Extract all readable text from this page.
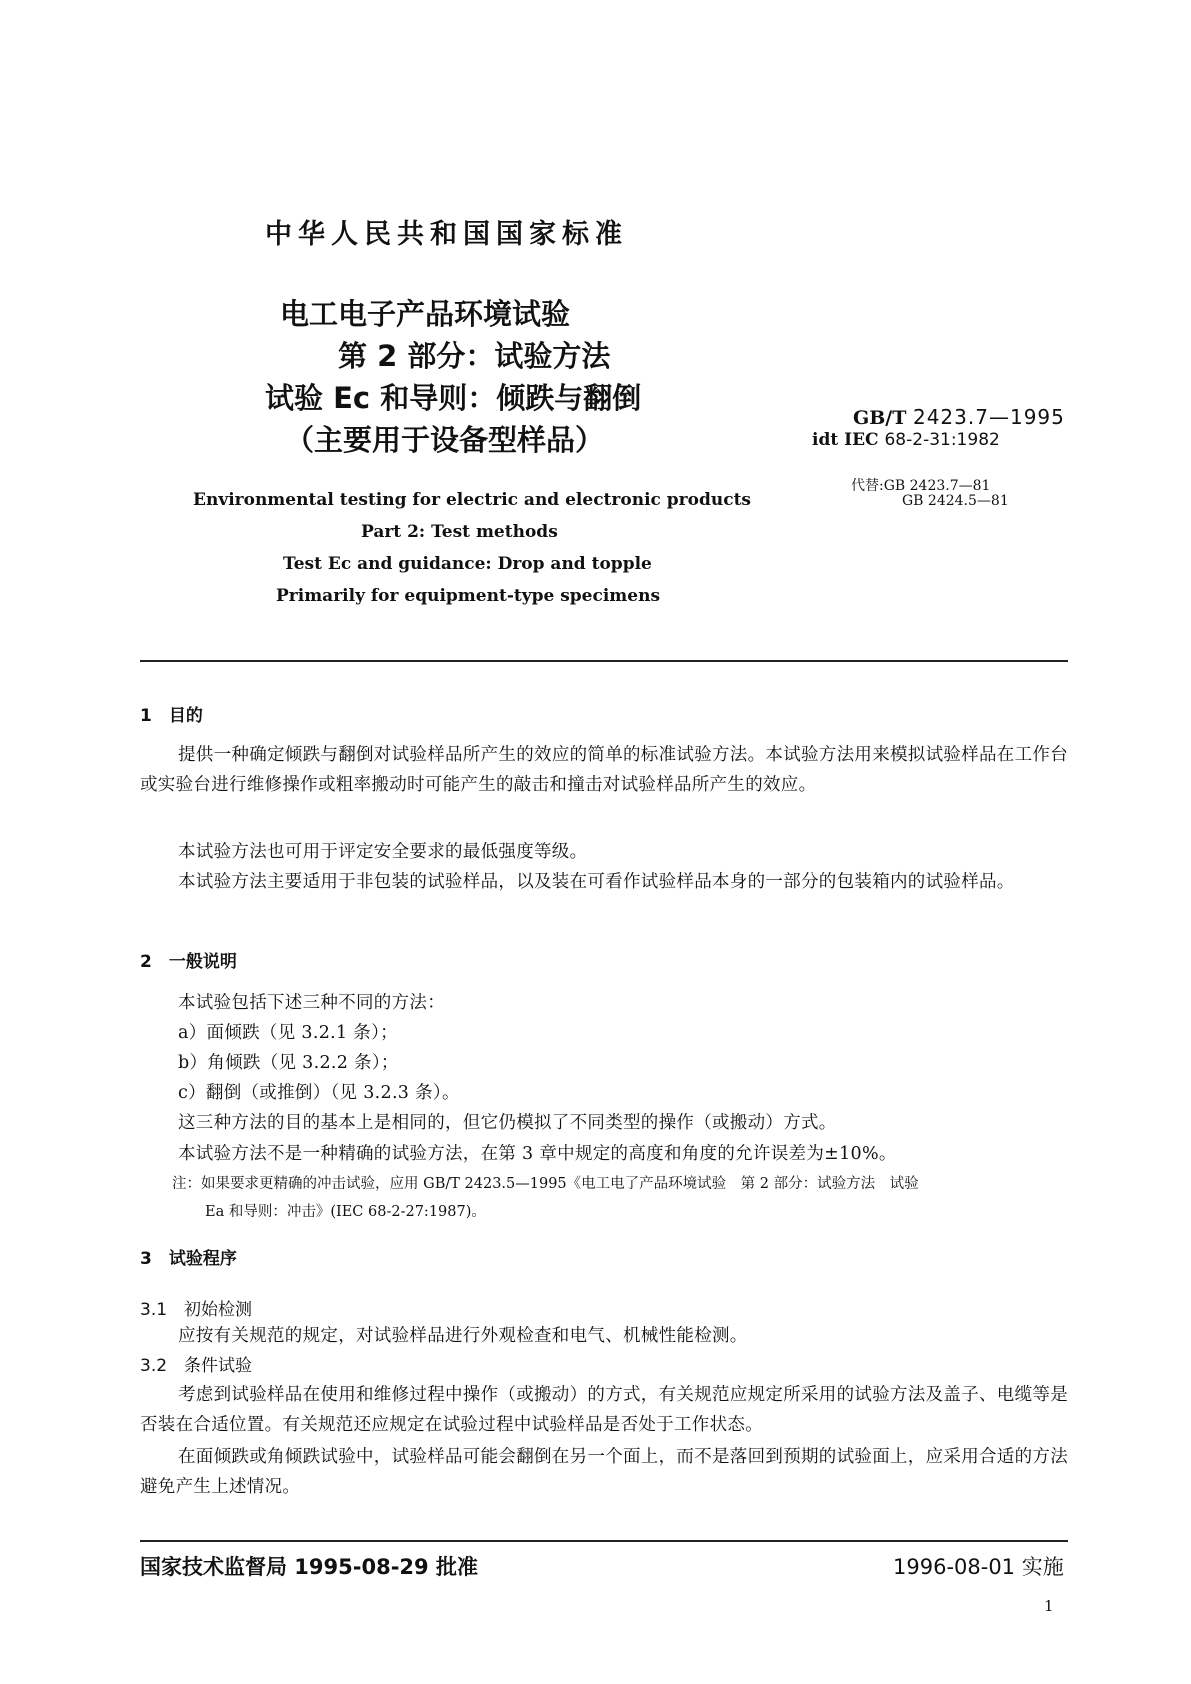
中华人民共和国国家标准
电工电子产品环境试验
第 2 部分：试验方法
试验 Ec 和导则：倾跌与翻倒
（主要用于设备型样品）
GB/T 2423.7—1995
idt IEC 68-2-31:1982
代替:GB 2423.7—81
GB 2424.5—81
Environmental testing for electric and electronic products
Part 2: Test methods
Test Ec and guidance: Drop and topple
Primarily for equipment-type specimens
1　目的
提供一种确定倾跌与翻倒对试验样品所产生的效应的简单的标准试验方法。本试验方法用来模拟试验样品在工作台或实验台进行维修操作或粗率搬动时可能产生的敲击和撞击对试验样品所产生的效应。
本试验方法也可用于评定安全要求的最低强度等级。
本试验方法主要适用于非包装的试验样品，以及装在可看作试验样品本身的一部分的包装箱内的试验样品。
2　一般说明
本试验包括下述三种不同的方法：
a）面倾跌（见 3.2.1 条）；
b）角倾跌（见 3.2.2 条）；
c）翻倒（或推倒）（见 3.2.3 条）。
这三种方法的目的基本上是相同的，但它仍模拟了不同类型的操作（或搬动）方式。
本试验方法不是一种精确的试验方法，在第 3 章中规定的高度和角度的允许误差为±10%。
注：如果要求更精确的冲击试验，应用 GB/T 2423.5—1995《电工电了产品环境试验　第 2 部分：试验方法　试验
Ea 和导则：冲击》(IEC 68-2-27:1987)。
3　试验程序
3.1　初始检测
应按有关规范的规定，对试验样品进行外观检查和电气、机械性能检测。
3.2　条件试验
考虑到试验样品在使用和维修过程中操作（或搬动）的方式，有关规范应规定所采用的试验方法及盖子、电缆等是否装在合适位置。有关规范还应规定在试验过程中试验样品是否处于工作状态。
在面倾跌或角倾跌试验中，试验样品可能会翻倒在另一个面上，而不是落回到预期的试验面上，应采用合适的方法避免产生上述情况。
国家技术监督局 1995-08-29 批准	1996-08-01 实施
1
